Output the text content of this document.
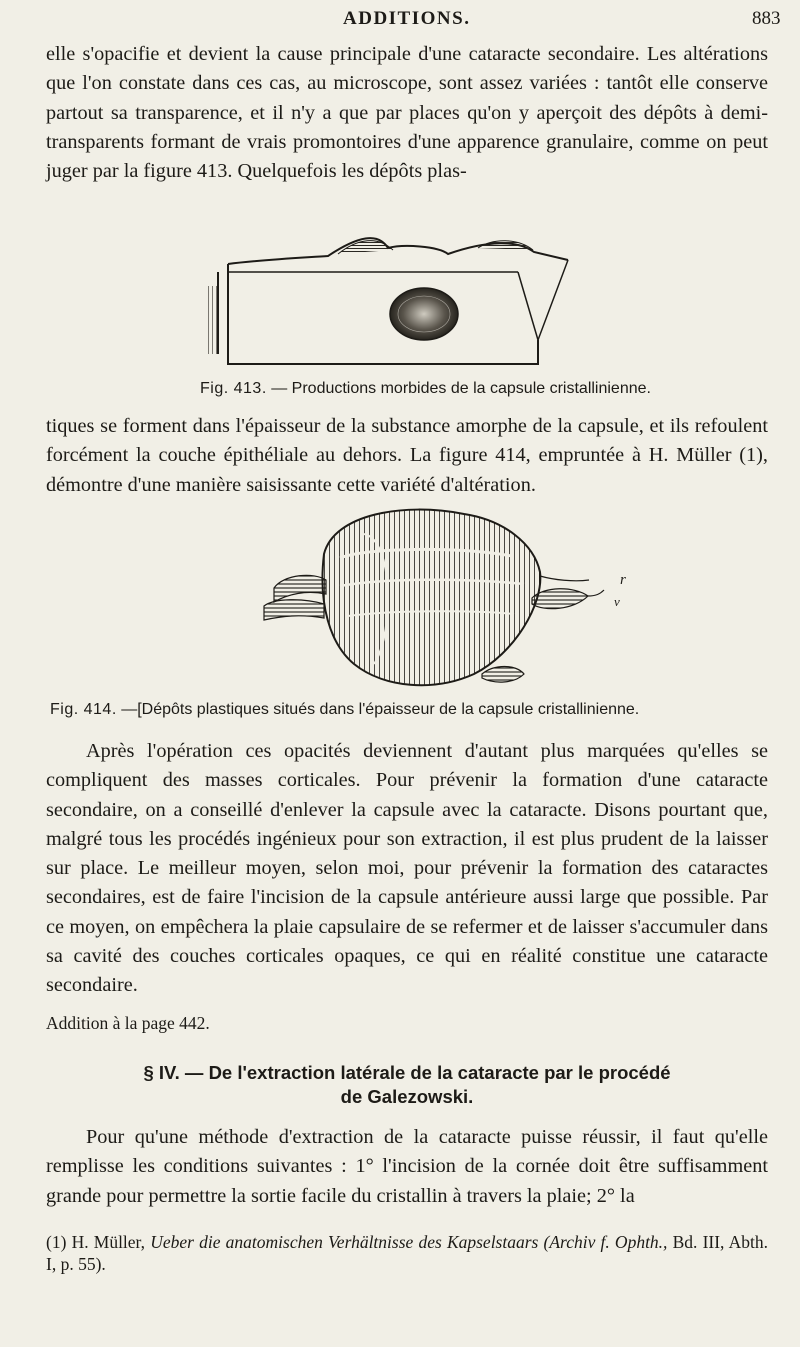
ADDITIONS.	883

elle s'opacifie et devient la cause principale d'une cataracte secondaire. Les altérations que l'on constate dans ces cas, au microscope, sont assez variées : tantôt elle conserve partout sa transparence, et il n'y a que par places qu'on y aperçoit des dépôts à demi-transparents formant de vrais promontoires d'une apparence granulaire, comme on peut juger par la figure 413. Quelquefois les dépôts plas-

Fig. 413. — Productions morbides de la capsule cristallinienne.

tiques se forment dans l'épaisseur de la substance amorphe de la capsule, et ils refoulent forcément la couche épithéliale au dehors. La figure 414, empruntée à H. Müller (1), démontre d'une manière saisissante cette variété d'altération.

r
v
Fig. 414. —[Dépôts plastiques situés dans l'épaisseur de la capsule cristallinienne.

Après l'opération ces opacités deviennent d'autant plus marquées qu'elles se compliquent des masses corticales. Pour prévenir la formation d'une cataracte secondaire, on a conseillé d'enlever la capsule avec la cataracte. Disons pourtant que, malgré tous les procédés ingénieux pour son extraction, il est plus prudent de la laisser sur place. Le meilleur moyen, selon moi, pour prévenir la formation des cataractes secondaires, est de faire l'incision de la capsule antérieure aussi large que possible. Par ce moyen, on empêchera la plaie capsulaire de se refermer et de laisser s'accumuler dans sa cavité des couches corticales opaques, ce qui en réalité constitue une cataracte secondaire.

Addition à la page 442.
§ IV. — De l'extraction latérale de la cataracte par le procédé
de Galezowski.

Pour qu'une méthode d'extraction de la cataracte puisse réussir, il faut qu'elle remplisse les conditions suivantes : 1° l'incision de la cornée doit être suffisamment grande pour permettre la sortie facile du cristallin à travers la plaie; 2° la

(1) H. Müller, Ueber die anatomischen Verhältnisse des Kapselstaars (Archiv f. Ophth., Bd. III, Abth. I, p. 55).
